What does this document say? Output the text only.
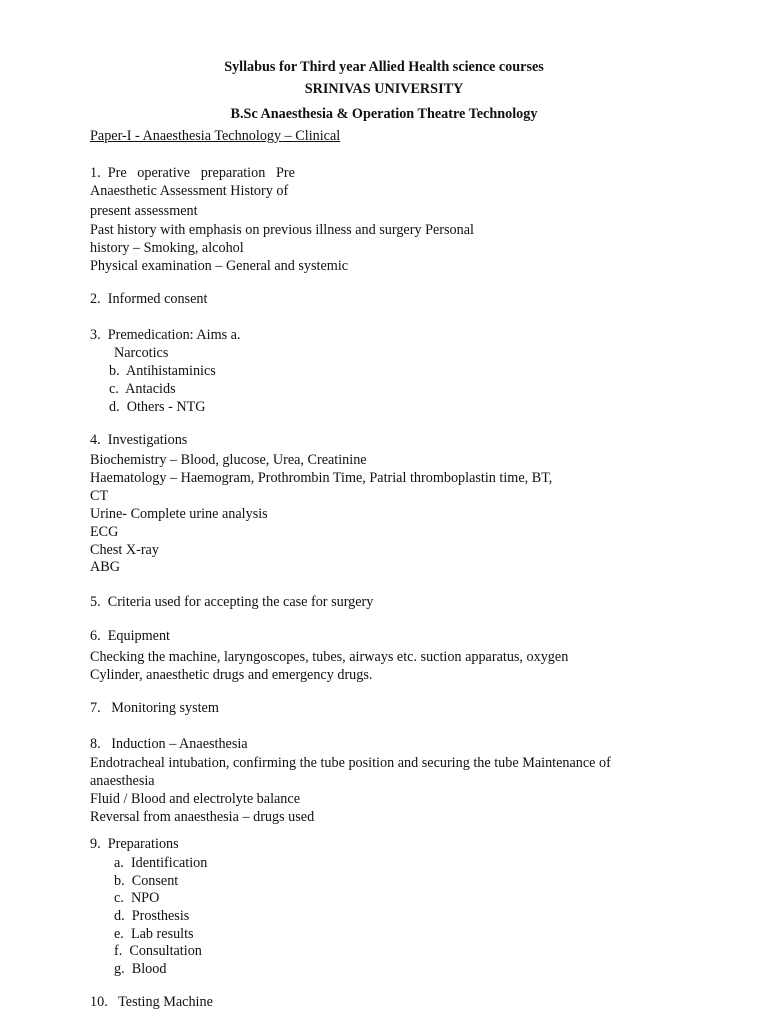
Syllabus for Third year Allied Health science courses
SRINIVAS UNIVERSITY
B.Sc Anaesthesia & Operation Theatre Technology
Paper-I - Anaesthesia Technology – Clinical
1.  Pre   operative   preparation   Pre
Anaesthetic Assessment History of
present assessment
Past history with emphasis on previous illness and surgery Personal
history – Smoking, alcohol
Physical examination – General and systemic
2.  Informed consent
3.  Premedication: Aims a.
Narcotics
b.  Antihistaminics
c.  Antacids
d.  Others - NTG
4.  Investigations
Biochemistry – Blood, glucose, Urea, Creatinine
Haematology – Haemogram, Prothrombin Time, Patrial thromboplastin time, BT,
CT
Urine- Complete urine analysis
ECG
Chest X-ray
ABG
5.  Criteria used for accepting the case for surgery
6.  Equipment
Checking the machine, laryngoscopes, tubes, airways etc. suction apparatus, oxygen
Cylinder, anaesthetic drugs and emergency drugs.
7.   Monitoring system
8.   Induction – Anaesthesia
Endotracheal intubation, confirming the tube position and securing the tube Maintenance of
anaesthesia
Fluid / Blood and electrolyte balance
Reversal from anaesthesia – drugs used
9.  Preparations
a.  Identification
b.  Consent
c.  NPO
d.  Prosthesis
e.  Lab results
f.  Consultation
g.  Blood
10.   Testing Machine
